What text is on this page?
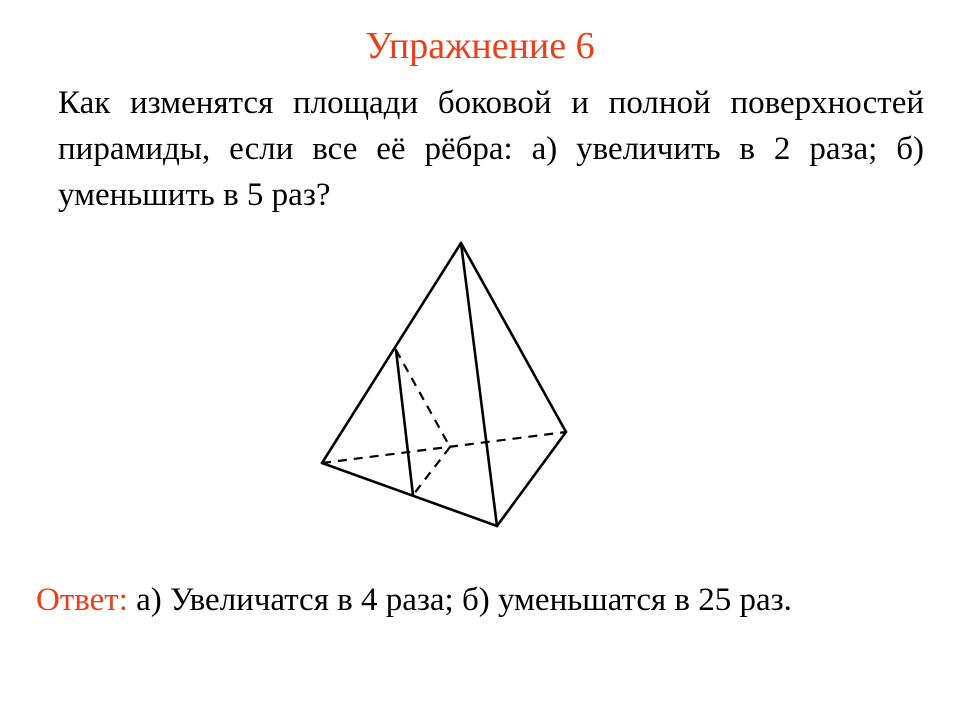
Упражнение 6

Как изменятся площади боковой и полной поверхностей пирамиды, если все её рёбра: а) увеличить в 2 раза; б) уменьшить в 5 раз?

Ответ: а) Увеличатся в 4 раза; б) уменьшатся в 25 раз.
